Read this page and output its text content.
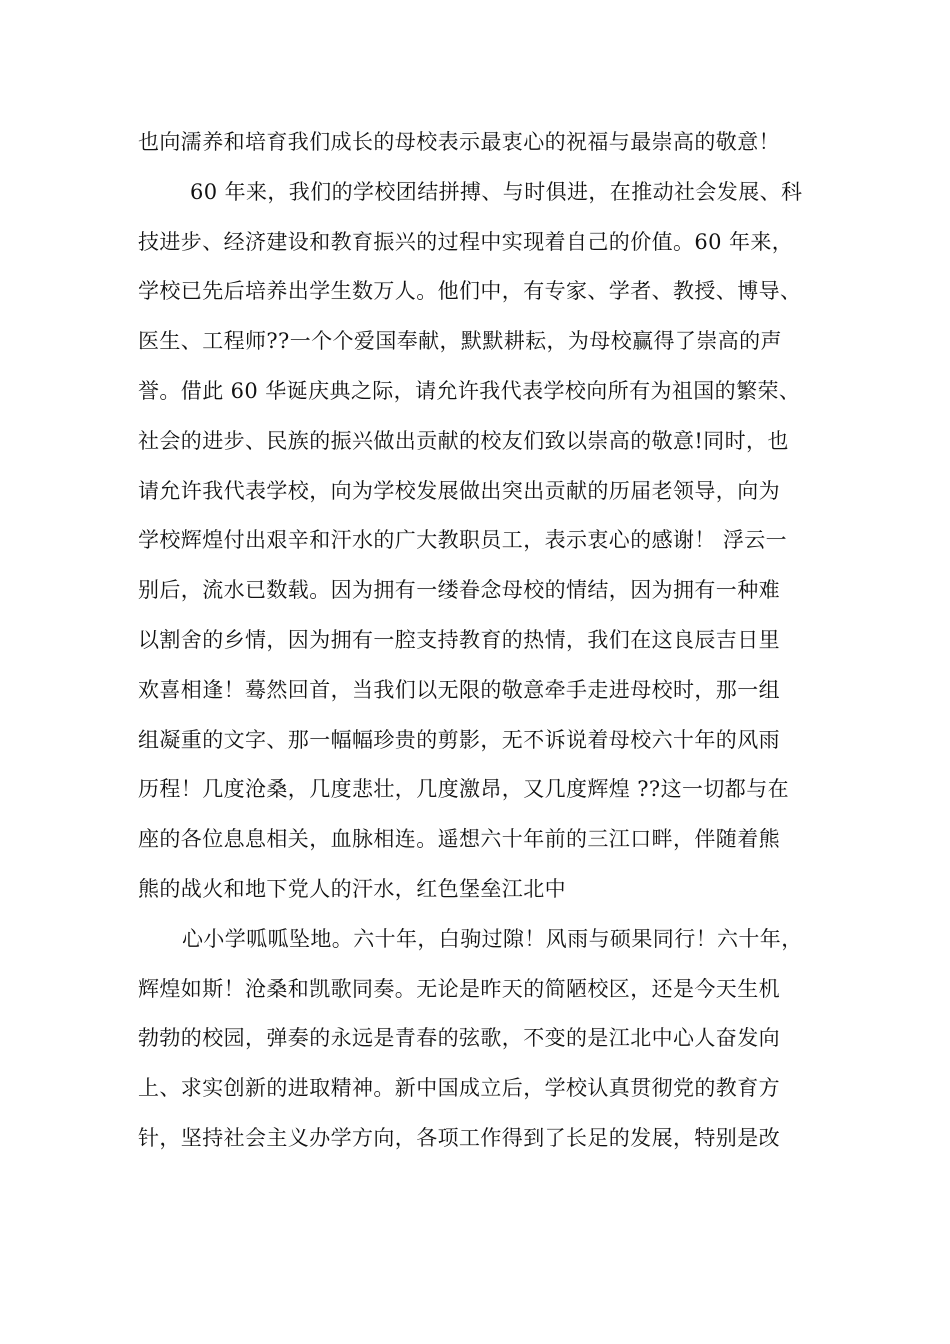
也向濡养和培育我们成长的母校表示最衷心的祝福与最崇高的敬意！
60 年来，我们的学校团结拼搏、与时俱进，在推动社会发展、科
技进步、经济建设和教育振兴的过程中实现着自己的价值。60 年来，
学校已先后培养出学生数万人。他们中，有专家、学者、教授、博导、
医生、工程师??一个个爱国奉献，默默耕耘，为母校赢得了崇高的声
誉。借此 60 华诞庆典之际，请允许我代表学校向所有为祖国的繁荣、
社会的进步、民族的振兴做出贡献的校友们致以崇高的敬意!同时，也
请允许我代表学校，向为学校发展做出突出贡献的历届老领导，向为
学校辉煌付出艰辛和汗水的广大教职员工，表示衷心的感谢！ 浮云一
别后，流水已数载。因为拥有一缕眷念母校的情结，因为拥有一种难
以割舍的乡情，因为拥有一腔支持教育的热情，我们在这良辰吉日里
欢喜相逢！蓦然回首，当我们以无限的敬意牵手走进母校时，那一组
组凝重的文字、那一幅幅珍贵的剪影，无不诉说着母校六十年的风雨
历程！几度沧桑，几度悲壮，几度激昂，又几度辉煌 ??这一切都与在
座的各位息息相关，血脉相连。遥想六十年前的三江口畔，伴随着熊
熊的战火和地下党人的汗水，红色堡垒江北中
心小学呱呱坠地。六十年，白驹过隙！风雨与硕果同行！六十年，
辉煌如斯！沧桑和凯歌同奏。无论是昨天的简陋校区，还是今天生机
勃勃的校园，弹奏的永远是青春的弦歌，不变的是江北中心人奋发向
上、求实创新的进取精神。新中国成立后，学校认真贯彻党的教育方
针，坚持社会主义办学方向，各项工作得到了长足的发展，特别是改
